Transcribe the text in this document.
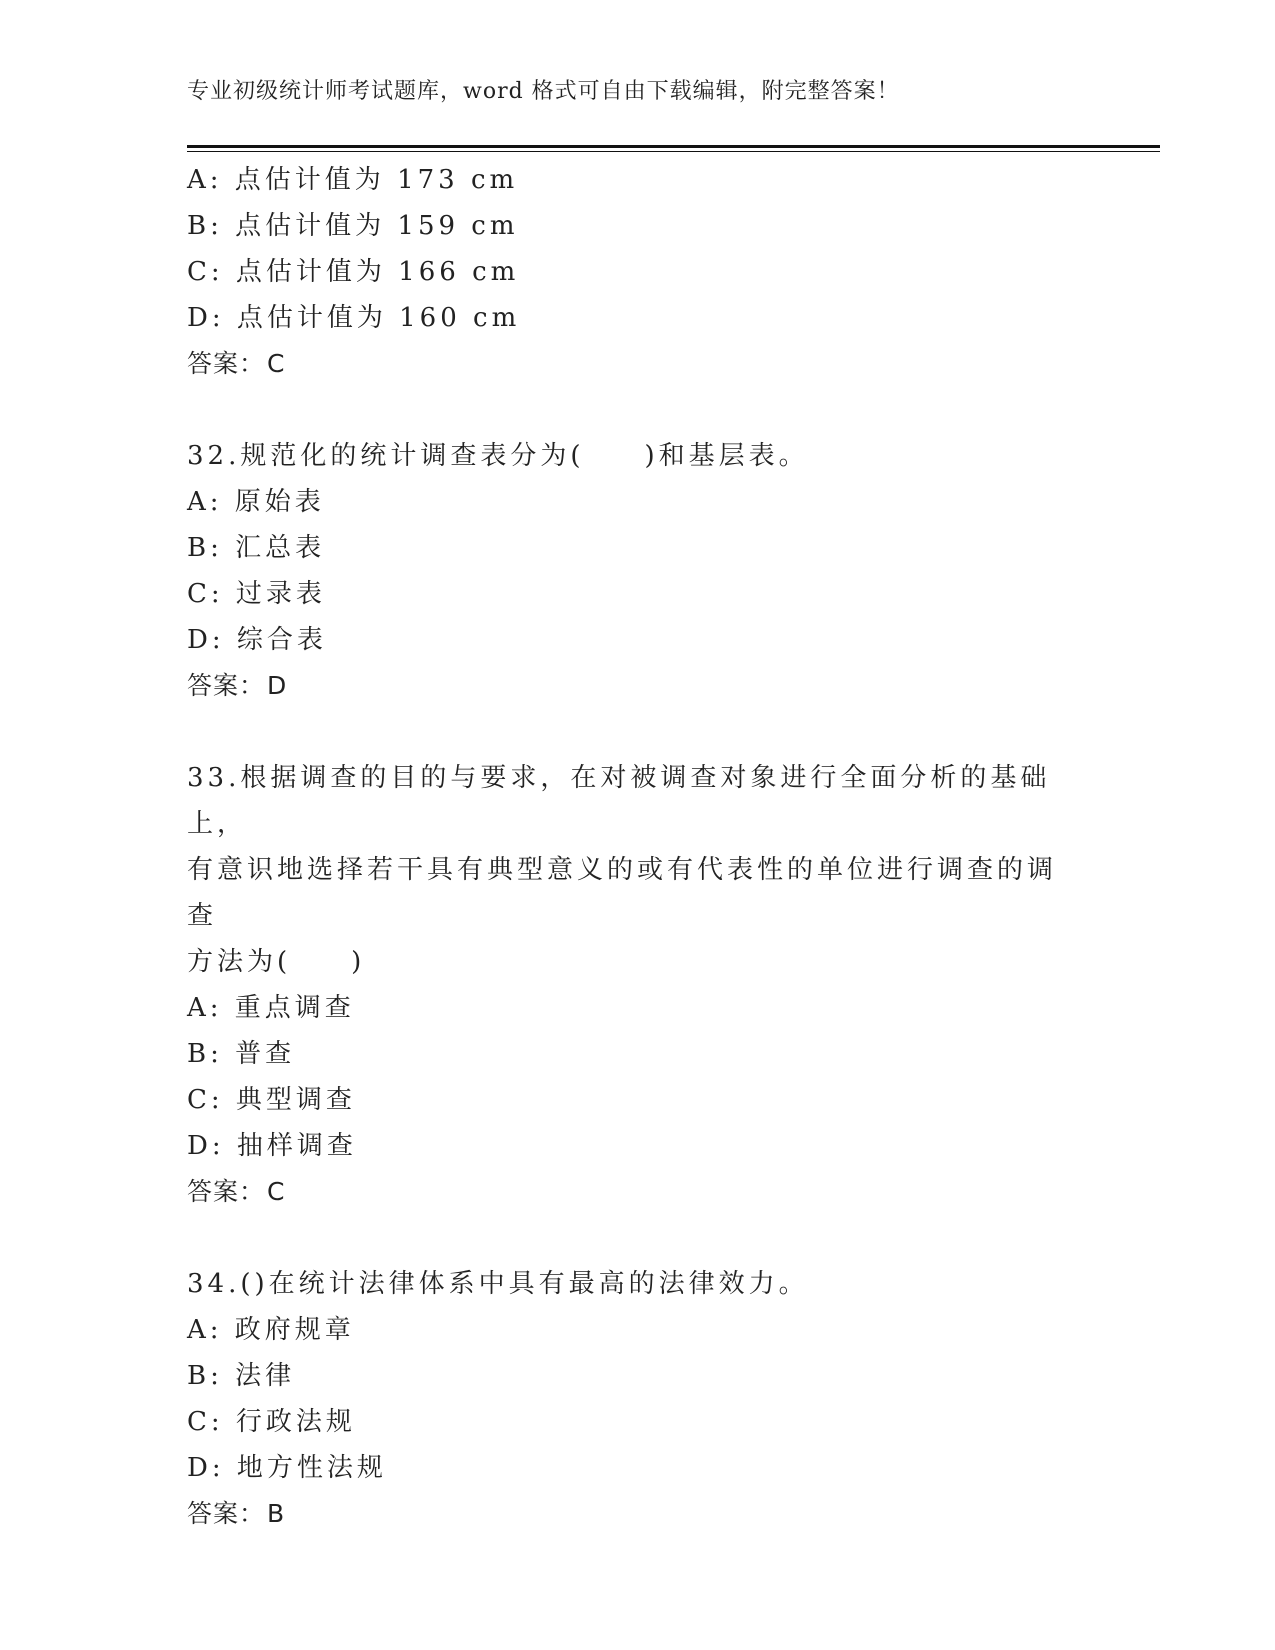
专业初级统计师考试题库，word 格式可自由下载编辑，附完整答案！
A: 点估计值为 173 cm
B: 点估计值为 159 cm
C: 点估计值为 166 cm
D: 点估计值为 160 cm
答案：C
32.规范化的统计调查表分为(　　)和基层表。
A: 原始表
B: 汇总表
C: 过录表
D: 综合表
答案：D
33.根据调查的目的与要求，在对被调查对象进行全面分析的基础上，
有意识地选择若干具有典型意义的或有代表性的单位进行调查的调查
方法为(　　)
A: 重点调查
B: 普查
C: 典型调查
D: 抽样调查
答案：C
34.()在统计法律体系中具有最高的法律效力。
A: 政府规章
B: 法律
C: 行政法规
D: 地方性法规
答案：B
